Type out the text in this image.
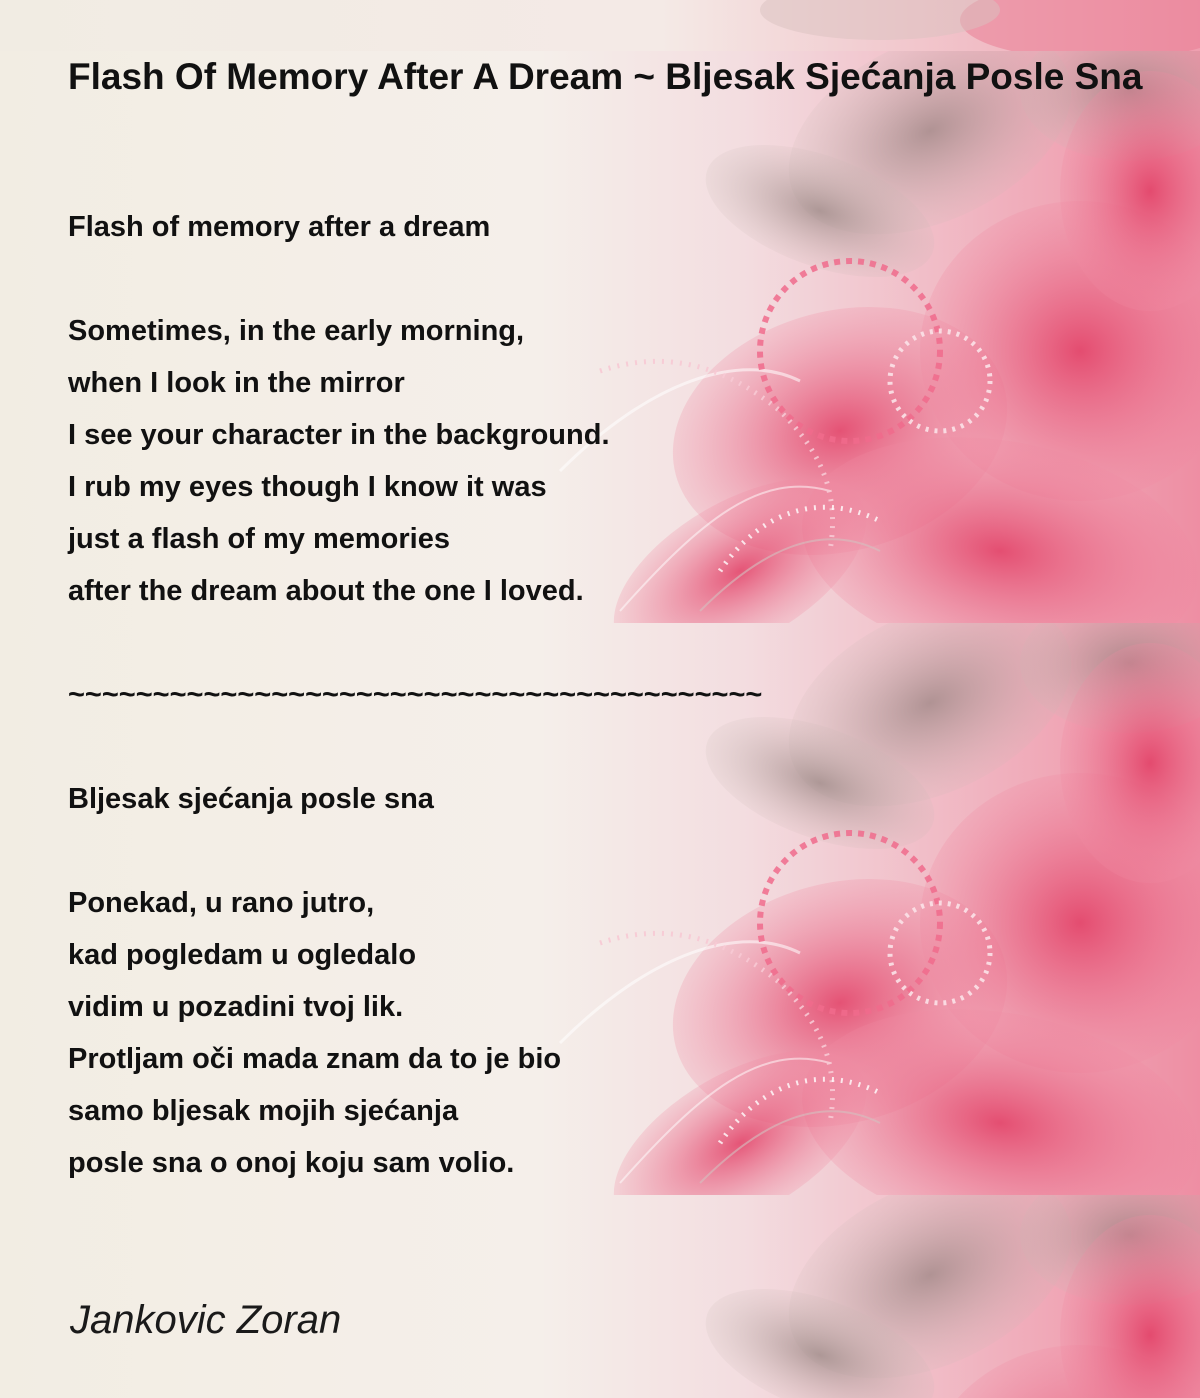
Flash Of Memory After A Dream ~ Bljesak Sjećanja Posle Sna
Flash of memory after a dream
Sometimes, in the early morning,
when I look in the mirror
I see your character in the background.
I rub my eyes though I know it was
just a flash of my memories
after the dream about the one I loved.
~~~~~~~~~~~~~~~~~~~~~~~~~~~~~~~~~~~~~~~~~
Bljesak sjećanja posle sna
Ponekad, u rano jutro,
kad pogledam u ogledalo
vidim u pozadini tvoj lik.
Protljam oči mada znam da to je bio
samo bljesak mojih sjećanja
posle sna o onoj koju sam volio.
Jankovic Zoran
